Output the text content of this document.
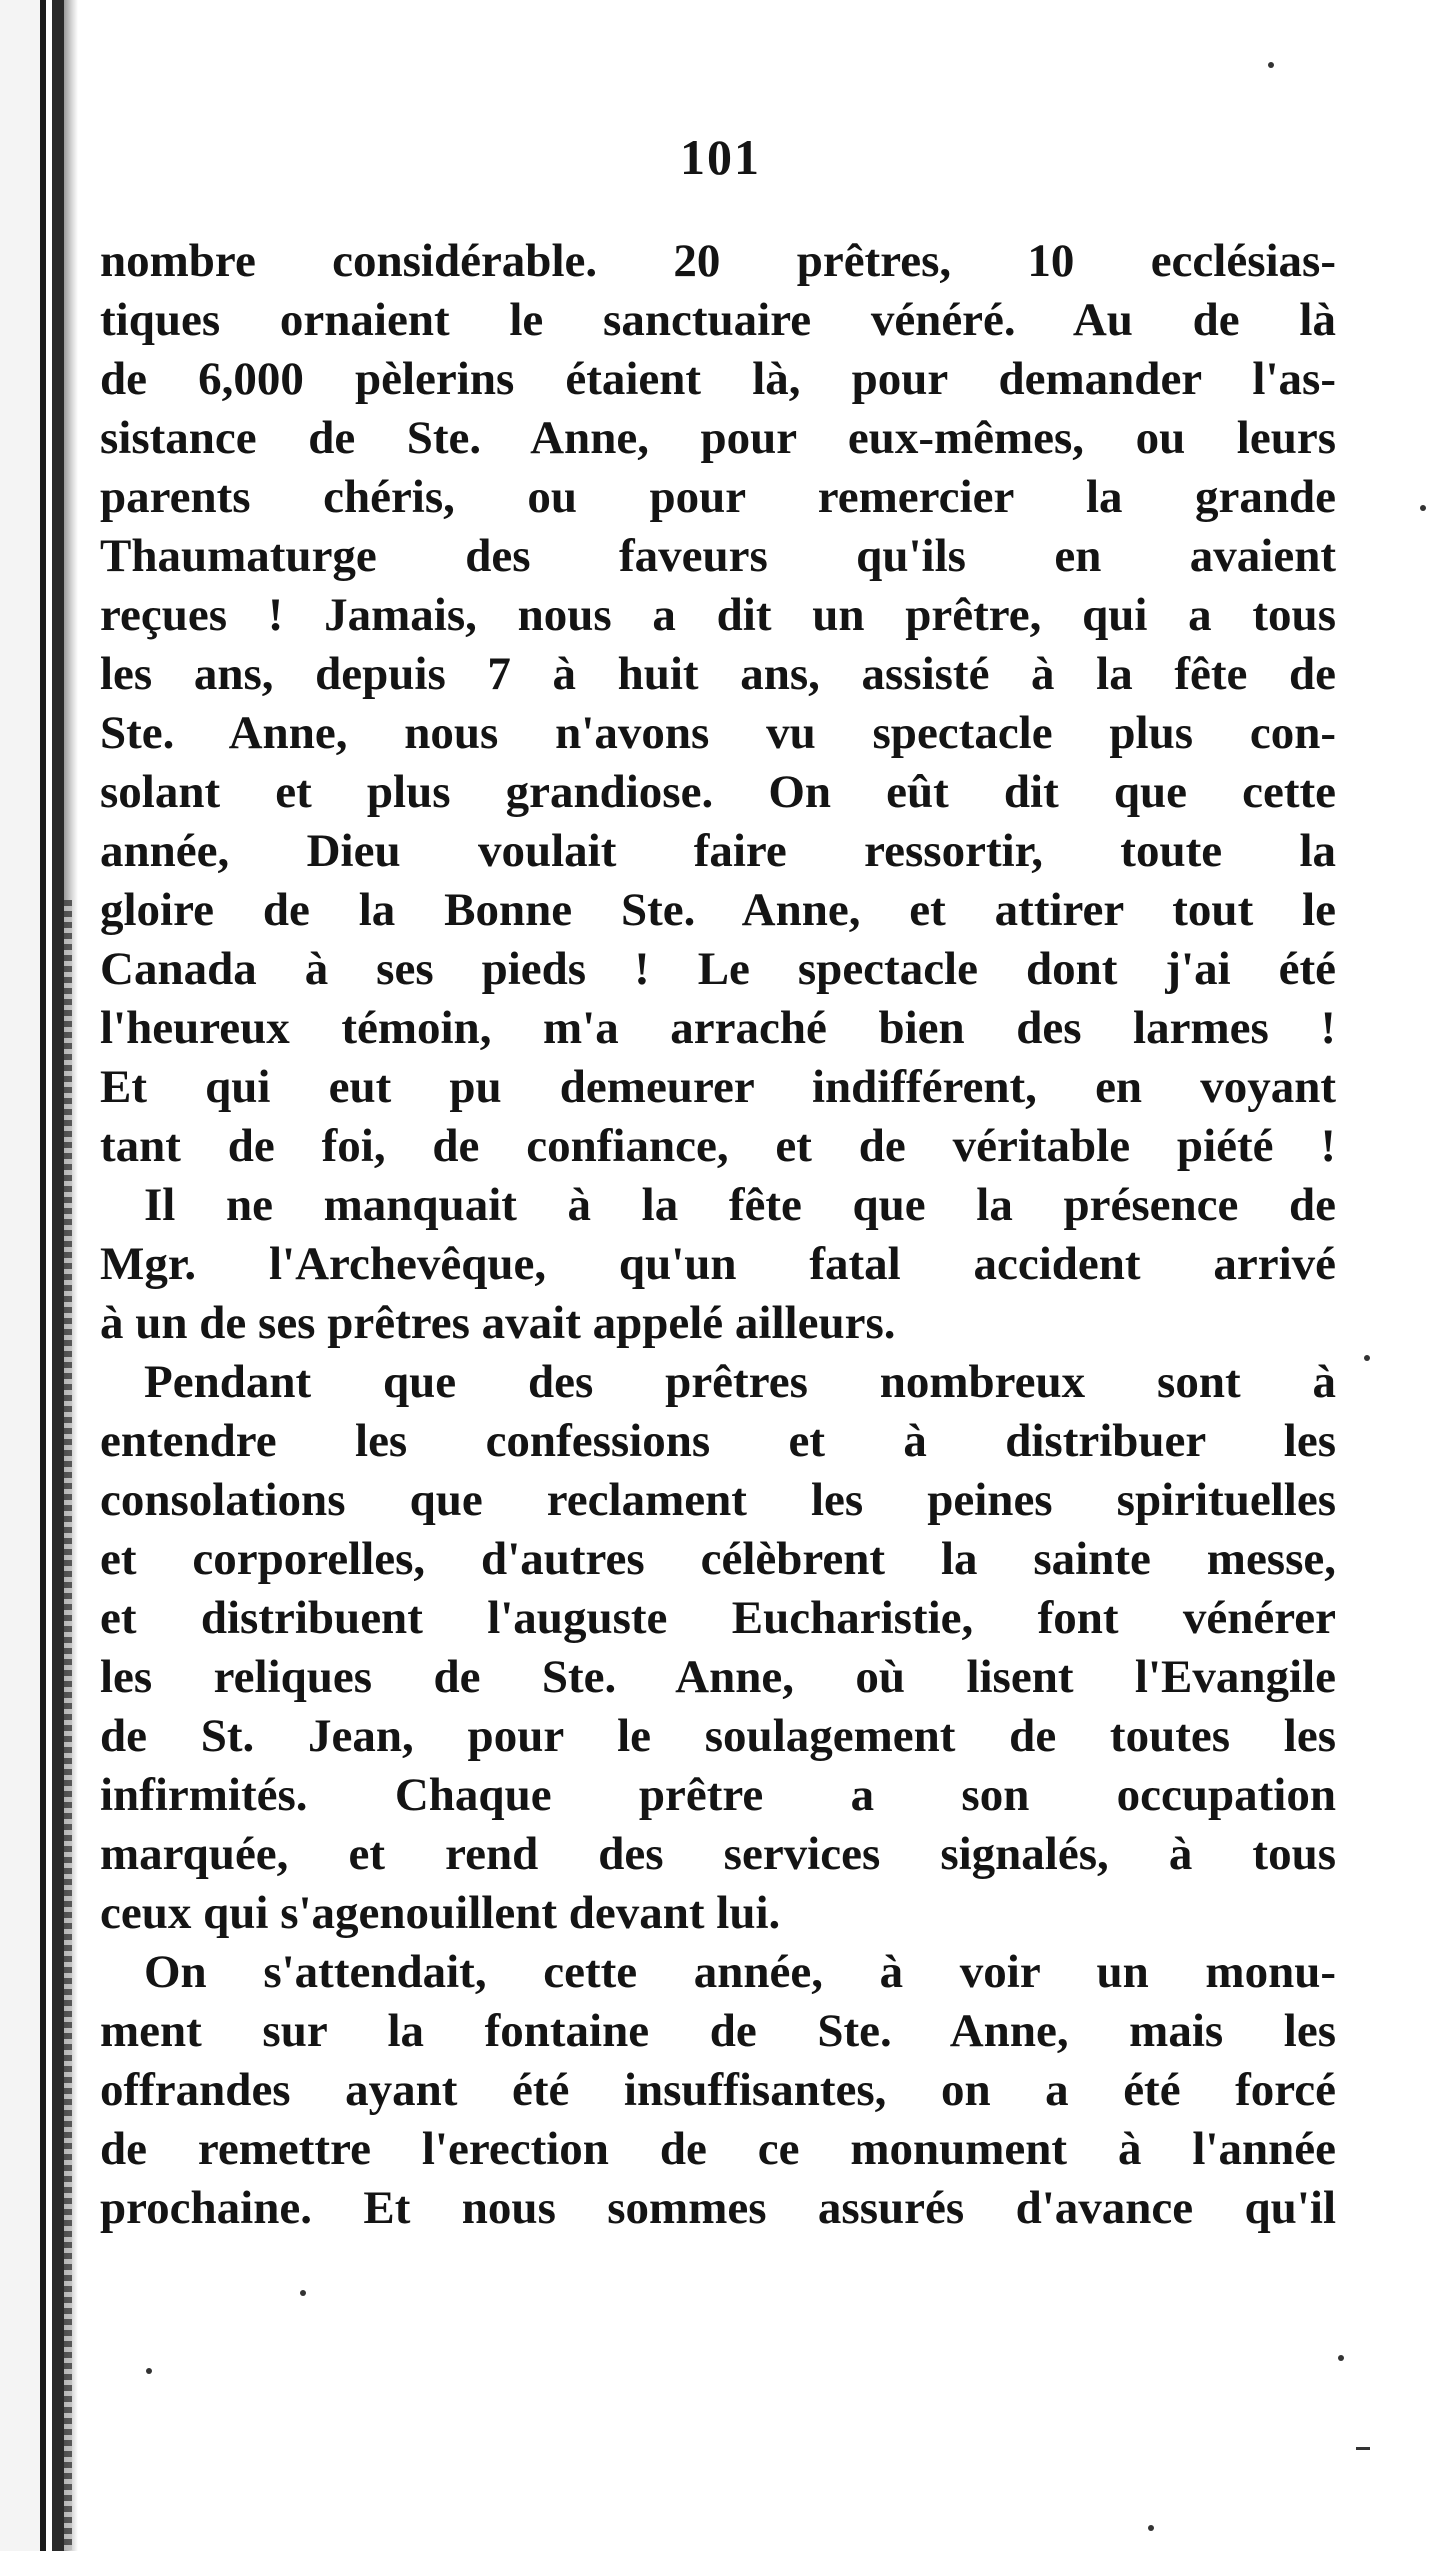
101
nombre considérable. 20 prêtres, 10 ecclésias-
tiques ornaient le sanctuaire vénéré. Au de là
de 6,000 pèlerins étaient là, pour demander l'as-
sistance de Ste. Anne, pour eux-mêmes, ou leurs
parents chéris, ou pour remercier la grande
Thaumaturge des faveurs qu'ils en avaient
reçues ! Jamais, nous a dit un prêtre, qui a tous
les ans, depuis 7 à huit ans, assisté à la fête de
Ste. Anne, nous n'avons vu spectacle plus con-
solant et plus grandiose. On eût dit que cette
année, Dieu voulait faire ressortir, toute la
gloire de la Bonne Ste. Anne, et attirer tout le
Canada à ses pieds ! Le spectacle dont j'ai été
l'heureux témoin, m'a arraché bien des larmes !
Et qui eut pu demeurer indifférent, en voyant
tant de foi, de confiance, et de véritable piété !
Il ne manquait à la fête que la présence de
Mgr. l'Archevêque, qu'un fatal accident arrivé
à un de ses prêtres avait appelé ailleurs.
Pendant que des prêtres nombreux sont à
entendre les confessions et à distribuer les
consolations que reclament les peines spirituelles
et corporelles, d'autres célèbrent la sainte messe,
et distribuent l'auguste Eucharistie, font vénérer
les reliques de Ste. Anne, où lisent l'Evangile
de St. Jean, pour le soulagement de toutes les
infirmités. Chaque prêtre a son occupation
marquée, et rend des services signalés, à tous
ceux qui s'agenouillent devant lui.
On s'attendait, cette année, à voir un monu-
ment sur la fontaine de Ste. Anne, mais les
offrandes ayant été insuffisantes, on a été forcé
de remettre l'erection de ce monument à l'année
prochaine. Et nous sommes assurés d'avance qu'il
